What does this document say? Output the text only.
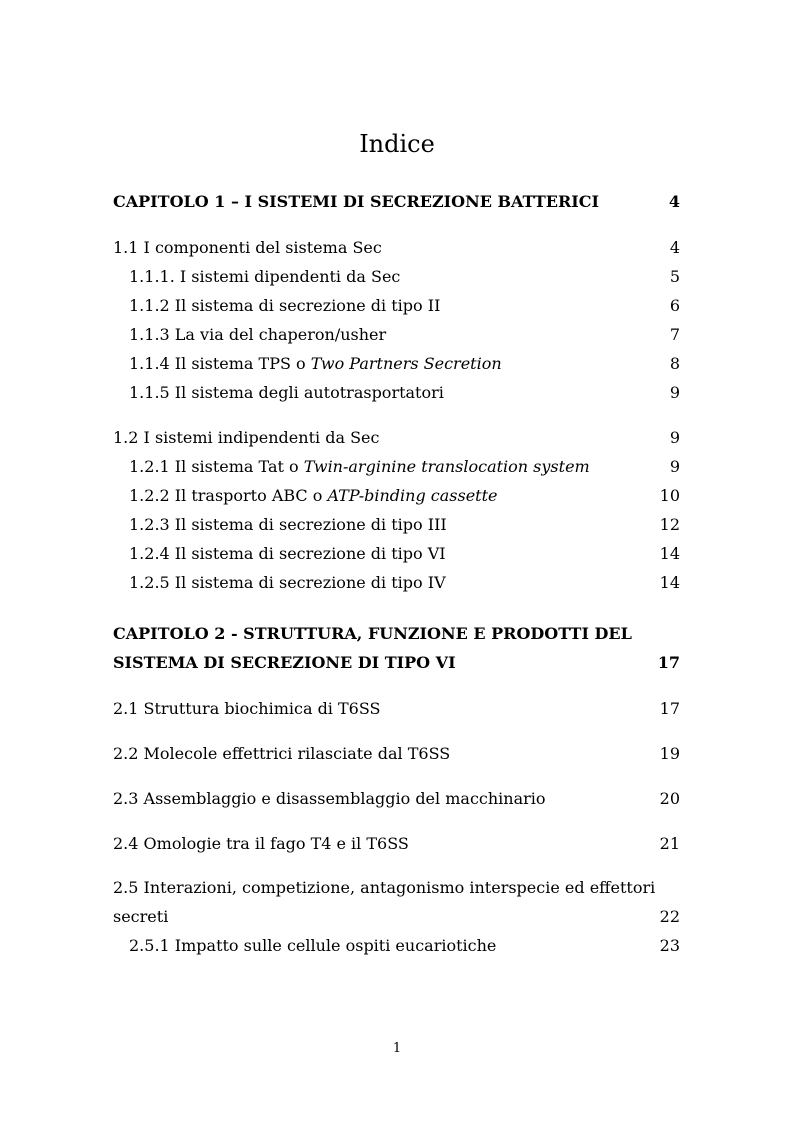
Indice
CAPITOLO 1 – I SISTEMI DI SECREZIONE BATTERICI	4
1.1 I componenti del sistema Sec	4
1.1.1. I sistemi dipendenti da Sec	5
1.1.2 Il sistema di secrezione di tipo II	6
1.1.3 La via del chaperon/usher	7
1.1.4 Il sistema TPS o Two Partners Secretion	8
1.1.5 Il sistema degli autotrasportatori	9
1.2 I sistemi indipendenti da Sec	9
1.2.1 Il sistema Tat o Twin-arginine translocation system	9
1.2.2 Il trasporto ABC o ATP-binding cassette	10
1.2.3 Il sistema di secrezione di tipo III	12
1.2.4 Il sistema di secrezione di tipo VI	14
1.2.5 Il sistema di secrezione di tipo IV	14
CAPITOLO 2 - STRUTTURA, FUNZIONE E PRODOTTI DEL
SISTEMA DI SECREZIONE DI TIPO VI	17
2.1 Struttura biochimica di T6SS	17
2.2 Molecole effettrici rilasciate dal T6SS	19
2.3 Assemblaggio e disassemblaggio del macchinario	20
2.4 Omologie tra il fago T4 e il T6SS	21
2.5 Interazioni, competizione, antagonismo interspecie ed effettori
secreti	22
2.5.1 Impatto sulle cellule ospiti eucariotiche	23
1
